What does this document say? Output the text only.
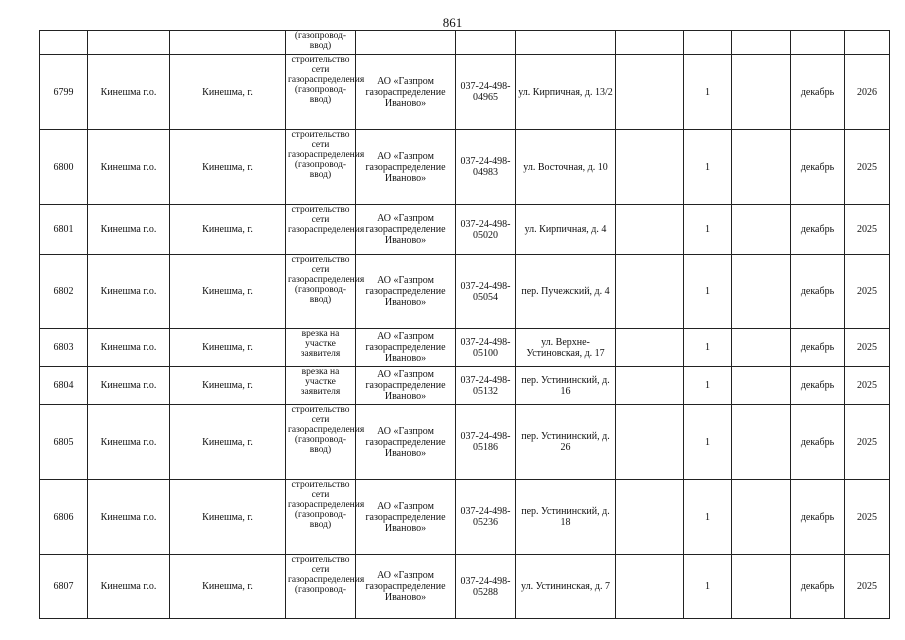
861

			(газопровод-ввод)								

6799	Кинешма г.о.	Кинешма, г.	строительство сети газораспределения (газопровод-ввод)	АО «Газпром газораспределение Иваново»	037-24-498-04965	ул. Кирпичная, д. 13/2		1		декабрь	2026
6800	Кинешма г.о.	Кинешма, г.	строительство сети газораспределения (газопровод-ввод)	АО «Газпром газораспределение Иваново»	037-24-498-04983	ул. Восточная, д. 10		1		декабрь	2025
6801	Кинешма г.о.	Кинешма, г.	строительство сети газораспределения	АО «Газпром газораспределение Иваново»	037-24-498-05020	ул. Кирпичная, д. 4		1		декабрь	2025
6802	Кинешма г.о.	Кинешма, г.	строительство сети газораспределения (газопровод-ввод)	АО «Газпром газораспределение Иваново»	037-24-498-05054	пер. Пучежский, д. 4		1		декабрь	2025
6803	Кинешма г.о.	Кинешма, г.	врезка на участке заявителя	АО «Газпром газораспределение Иваново»	037-24-498-05100	ул. Верхне-Устиновская, д. 17		1		декабрь	2025
6804	Кинешма г.о.	Кинешма, г.	врезка на участке заявителя	АО «Газпром газораспределение Иваново»	037-24-498-05132	пер. Устининский, д. 16		1		декабрь	2025
6805	Кинешма г.о.	Кинешма, г.	строительство сети газораспределения (газопровод-ввод)	АО «Газпром газораспределение Иваново»	037-24-498-05186	пер. Устининский, д. 26		1		декабрь	2025
6806	Кинешма г.о.	Кинешма, г.	строительство сети газораспределения (газопровод-ввод)	АО «Газпром газораспределение Иваново»	037-24-498-05236	пер. Устининский, д. 18		1		декабрь	2025
6807	Кинешма г.о.	Кинешма, г.	строительство сети газораспределения (газопровод-	АО «Газпром газораспределение Иваново»	037-24-498-05288	ул. Устининская, д. 7		1		декабрь	2025
